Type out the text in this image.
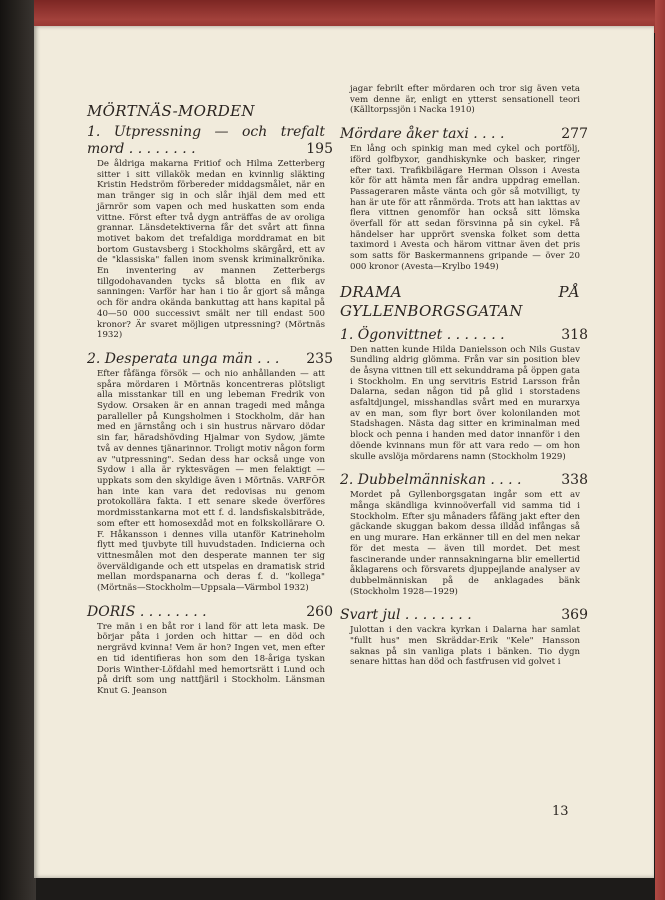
MÖRTNÄS-MORDEN
1. Utpressning — och trefalt mord . . . . . . . .	195

De åldriga makarna Fritiof och Hilma Zetterberg sitter i sitt villakök medan en kvinnlig släkting Kristin Hedström förbereder middagsmålet, när en man tränger sig in och slår ihjäl dem med ett järnrör som vapen och med huskatten som enda vittne. Först efter två dygn anträffas de av oroliga grannar. Länsdetektiverna får det svårt att finna motivet bakom det trefaldiga morddramat en bit bortom Gustavsberg i Stockholms skärgård, ett av de "klassiska" fallen inom svensk kriminalkrönika. En inventering av mannen Zetterbergs tillgodohavanden tycks så blotta en flik av sanningen: Varför har han i tio år gjort så många och för andra okända bankuttag att hans kapital på 40—50 000 successivt smält ner till endast 500 kronor? Är svaret möjligen utpressning? (Mörtnäs 1932)

2. Desperata unga män . . . 235

Efter fåfänga försök — och nio anhållanden — att spåra mördaren i Mörtnäs koncentreras plötsligt alla misstankar till en ung lebeman Fredrik von Sydow. Orsaken är en annan tragedi med många paralleller på Kungsholmen i Stockholm, där han med en järnstång och i sin hustrus närvaro dödar sin far, häradshövding Hjalmar von Sydow, jämte två av dennes tjänarinnor. Troligt motiv någon form av "utpressning". Sedan dess har också unge von Sydow i alla är ryktesvägen — men felaktigt — uppkats som den skyldige även i Mörtnäs. VARFÖR han inte kan vara det redovisas nu genom protokollära fakta. I ett senare skede överföres mordmisstankarna mot ett f. d. landsfiskalsbiträde, som efter ett homosexdåd mot en folkskollärare O. F. Håkansson i dennes villa utanför Katrineholm flytt med tjuvbyte till huvudstaden. Indicierna och vittnesmålen mot den desperate mannen ter sig överväldigande och ett utspelas en dramatisk strid mellan mordspanarna och deras f. d. "kollega" (Mörtnäs—Stockholm—Uppsala—Värmbol 1932)

DORIS . . . . . . . .	260

Tre män i en båt ror i land för att leta mask. De börjar påta i jorden och hittar — en död och nergrävd kvinna! Vem är hon? Ingen vet, men efter en tid identifieras hon som den 18-åriga tyskan Doris Winther-Löfdahl med hemortsrätt i Lund och på drift som ung nattfjäril i Stockholm. Länsman Knut G. Jeanson

jagar febrilt efter mördaren och tror sig även veta vem denne är, enligt en ytterst sensationell teori (Källtorpssjön i Nacka 1910)

Mördare åker taxi . . . .	277

En lång och spinkig man med cykel och portfölj, iförd golfbyxor, gandhiskynke och basker, ringer efter taxi. Trafikbilägare Herman Olsson i Avesta kör för att hämta men får andra uppdrag emellan. Passageraren måste vänta och gör så motvilligt, ty han är ute för att rånmörda. Trots att han iakttas av flera vittnen genomför han också sitt lömska överfall för att sedan försvinna på sin cykel. Få händelser har upprört svenska folket som detta taximord i Avesta och härom vittnar även det pris som satts för Baskermannens gripande — över 20 000 kronor (Avesta—Krylbo 1949)

DRAMA PÅ GYLLENBORGSGATAN
1. Ögonvittnet . . . . . . .	318

Den natten kunde Hilda Danielsson och Nils Gustav Sundling aldrig glömma. Från var sin position blev de åsyna vittnen till ett sekunddrama på öppen gata i Stockholm. En ung servitris Estrid Larsson från Dalarna, sedan någon tid på glid i storstadens asfaltdjungel, misshandlas svårt med en murarxya av en man, som flyr bort över kolonilanden mot Stadshagen. Nästa dag sitter en kriminalman med block och penna i handen med dator innanför i den döende kvinnans mun för att vara redo — om hon skulle avslöja mördarens namn (Stockholm 1929)

2. Dubbelmänniskan . . . .	338

Mordet på Gyllenborgsgatan ingår som ett av många skändliga kvinnoöverfall vid samma tid i Stockholm. Efter sju månaders fåfäng jakt efter den gäckande skuggan bakom dessa illdåd infångas så en ung murare. Han erkänner till en del men nekar för det mesta — även till mordet. Det mest fascinerande under rannsakningarna blir emellertid åklagarens och försvarets djuppejlande analyser av dubbelmänniskan på de anklagades bänk (Stockholm 1928—1929)

Svart jul . . . . . . . .	369

Julottan i den vackra kyrkan i Dalarna har samlat "fullt hus" men Skräddar-Erik "Kele" Hansson saknas på sin vanliga plats i bänken. Tio dygn senare hittas han död och fastfrusen vid golvet i

13
